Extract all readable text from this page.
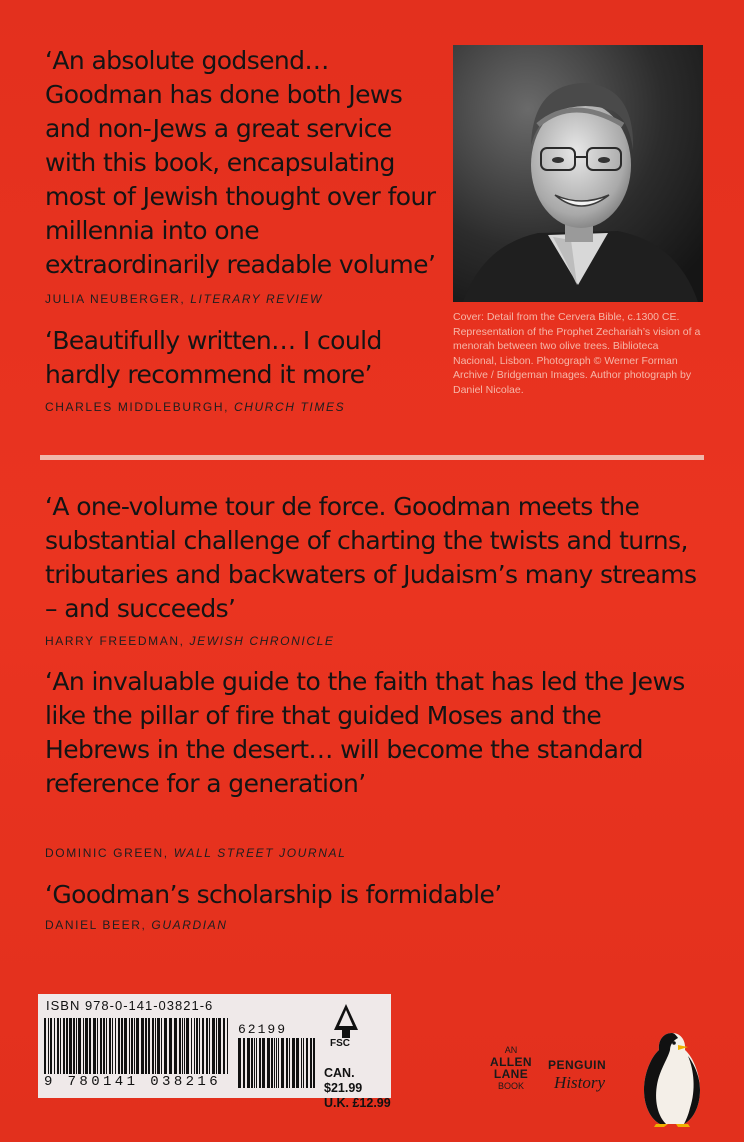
‘An absolute godsend… Goodman has done both Jews and non-Jews a great service with this book, encapsulating most of Jewish thought over four millennia into one extraordinarily readable volume’

JULIA NEUBERGER, LITERARY REVIEW

‘Beautifully written… I could hardly recommend it more’

CHARLES MIDDLEBURGH, CHURCH TIMES

Cover: Detail from the Cervera Bible, c.1300 CE. Representation of the Prophet Zechariah’s vision of a menorah between two olive trees. Biblioteca Nacional, Lisbon. Photograph © Werner Forman Archive / Bridgeman Images. Author photograph by Daniel Nicolae.

‘A one-volume tour de force. Goodman meets the substantial challenge of charting the twists and turns, tributaries and backwaters of Judaism’s many streams – and succeeds’

HARRY FREEDMAN, JEWISH CHRONICLE

‘An invaluable guide to the faith that has led the Jews like the pillar of fire that guided Moses and the Hebrews in the desert… will become the standard reference for a generation’

DOMINIC GREEN, WALL STREET JOURNAL

‘Goodman’s scholarship is formidable’

DANIEL BEER, GUARDIAN

ISBN 978-0-141-03821-6
9 780141 038216
62199
FSC
CAN. $21.99
U.K. £12.99
AN
ALLEN
LANE
BOOK
PENGUIN
History
